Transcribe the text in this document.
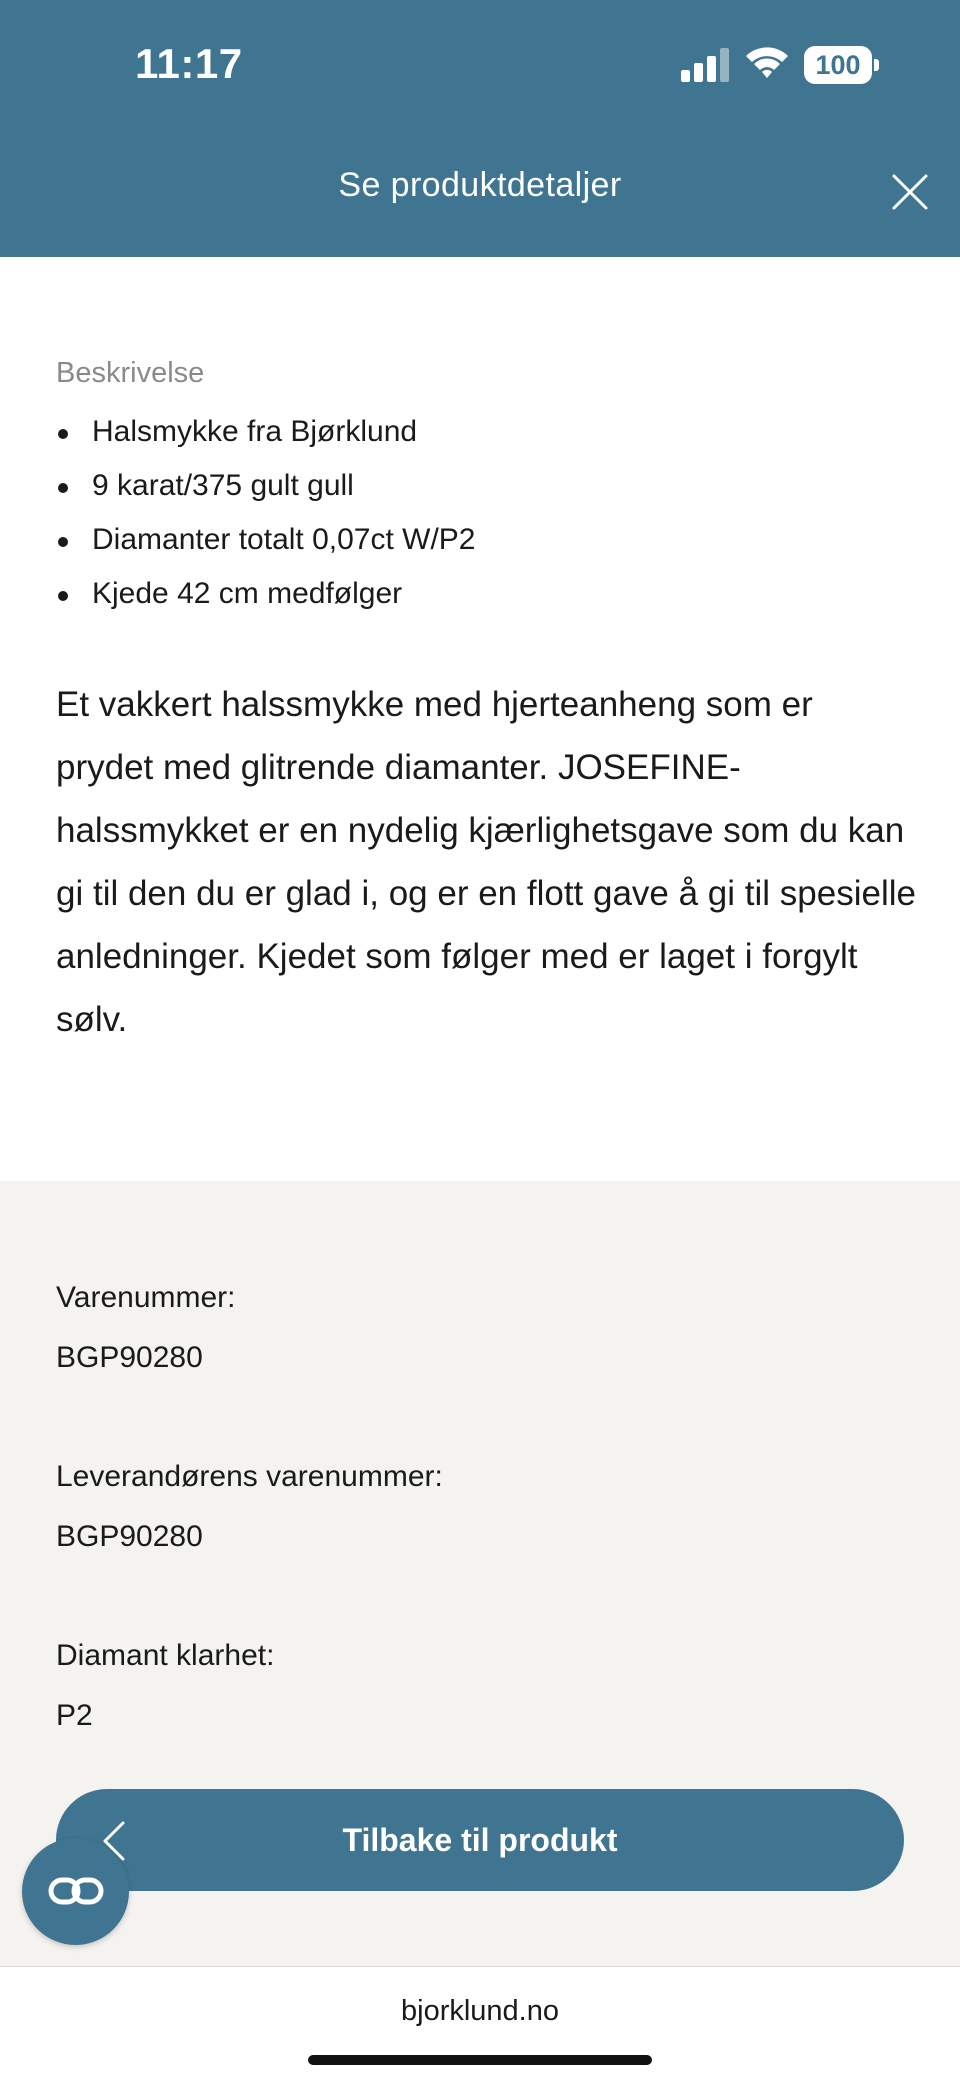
11:17	100
Se produktdetaljer
Beskrivelse
Halsmykke fra Bjørklund
9 karat/375 gult gull
Diamanter totalt 0,07ct W/P2
Kjede 42 cm medfølger

Et vakkert halssmykke med hjerteanheng som er prydet med glitrende diamanter. JOSEFINE-halssmykket er en nydelig kjærlighetsgave som du kan gi til den du er glad i, og er en flott gave å gi til spesielle anledninger. Kjedet som følger med er laget i forgylt sølv.

Varenummer:
BGP90280
Leverandørens varenummer:
BGP90280
Diamant klarhet:
P2
Tilbake til produkt
bjorklund.no
